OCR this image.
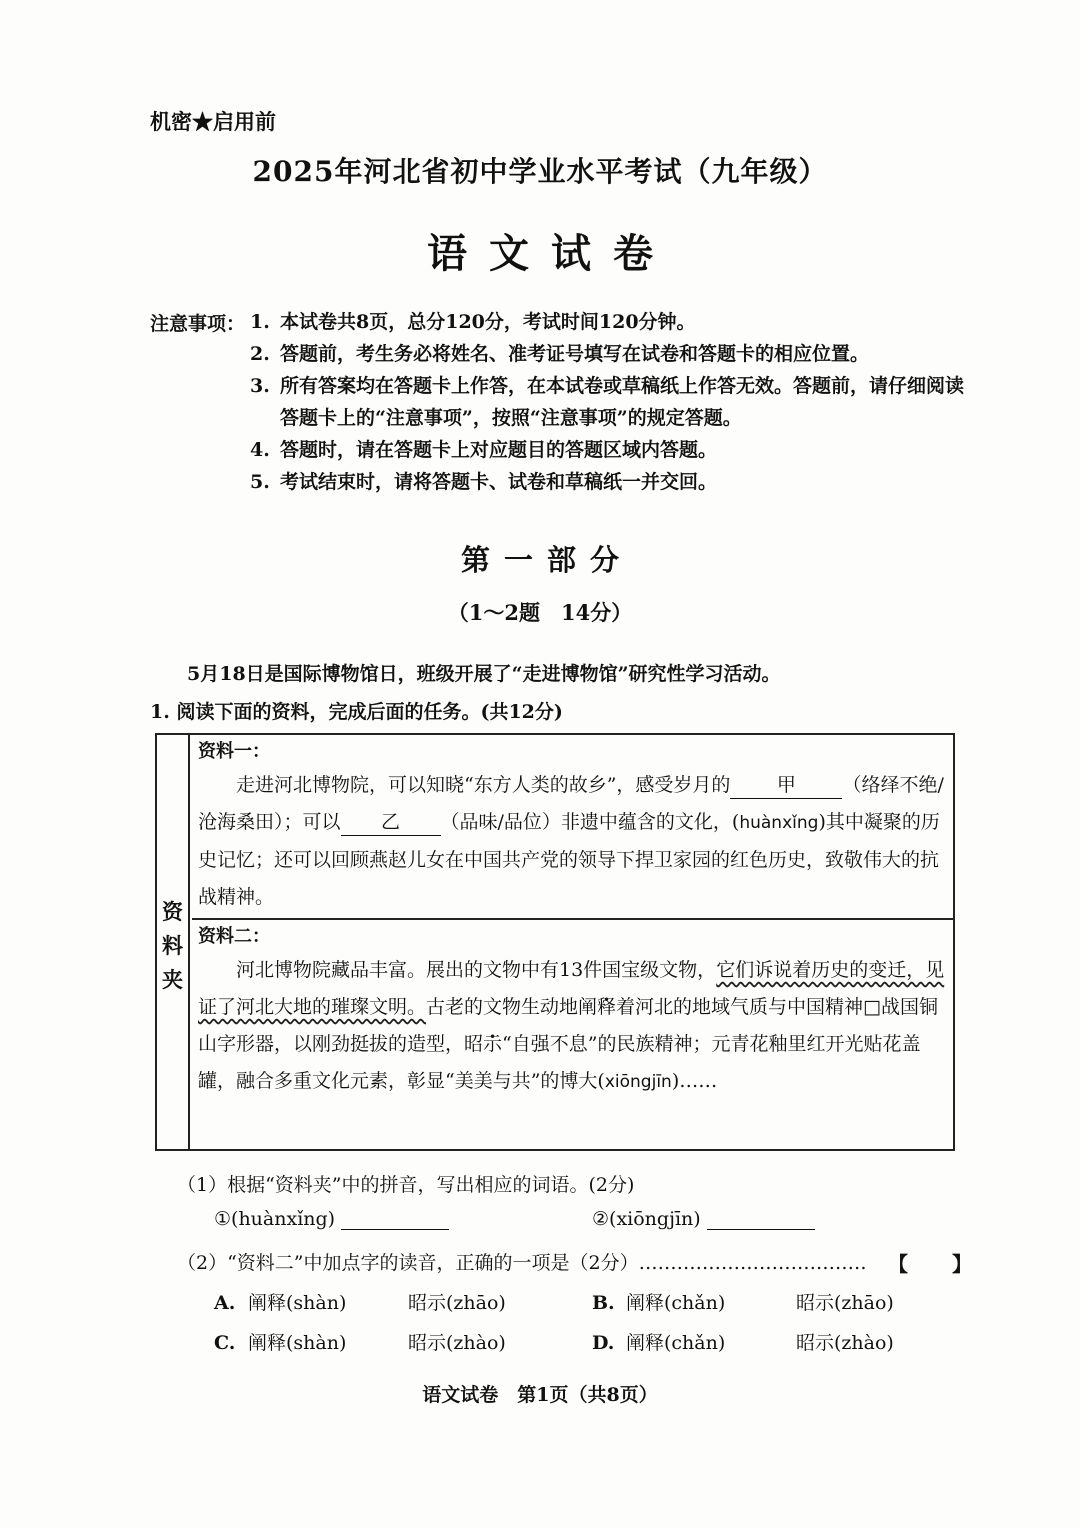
机密★启用前
2025年河北省初中学业水平考试（九年级）
语文试卷
注意事项： 1. 本试卷共8页，总分120分，考试时间120分钟。
2. 答题前，考生务必将姓名、准考证号填写在试卷和答题卡的相应位置。
3. 所有答案均在答题卡上作答，在本试卷或草稿纸上作答无效。答题前，请仔细阅读答题卡上的“注意事项”，按照“注意事项”的规定答题。
4. 答题时，请在答题卡上对应题目的答题区域内答题。
5. 考试结束时，请将答题卡、试卷和草稿纸一并交回。
第一部分
（1～2题　14分）
5月18日是国际博物馆日，班级开展了“走进博物馆”研究性学习活动。
1. 阅读下面的资料，完成后面的任务。(共12分)
资料夹
资料一：
走进河北博物院，可以知晓“东方人类的故乡”，感受岁月的 甲 （络绎不绝/沧海桑田）；可以 乙 （品味/品位）非遗中蕴含的文化，(huànxǐng)其中凝聚的历史记忆；还可以回顾燕赵儿女在中国共产党的领导下捍卫家园的红色历史，致敬伟大的抗战精神。
资料二：
河北博物院藏品丰富。展出的文物中有13件国宝级文物，它们诉说着历史的变迁，见证了河北大地的璀璨文明。古老的文物生动地阐释着河北的地域气质与中国精神□战国铜山字形器，以刚劲挺拔的造型，昭示“自强不息”的民族精神；元青花釉里红开光贴花盖罐，融合多重文化元素，彰显“美美与共”的博大(xiōngjīn)……
（1）根据“资料夹”中的拼音，写出相应的词语。(2分)
①(huànxǐng)	②(xiōngjīn)
（2）“资料二”中加点字的读音，正确的一项是（2分）……………………………… 【 】
A. 阐释(shàn)	昭示(zhāo)	B. 阐释(chǎn)	昭示(zhāo)
C. 阐释(shàn)	昭示(zhào)	D. 阐释(chǎn)	昭示(zhào)
语文试卷　第1页（共8页）
